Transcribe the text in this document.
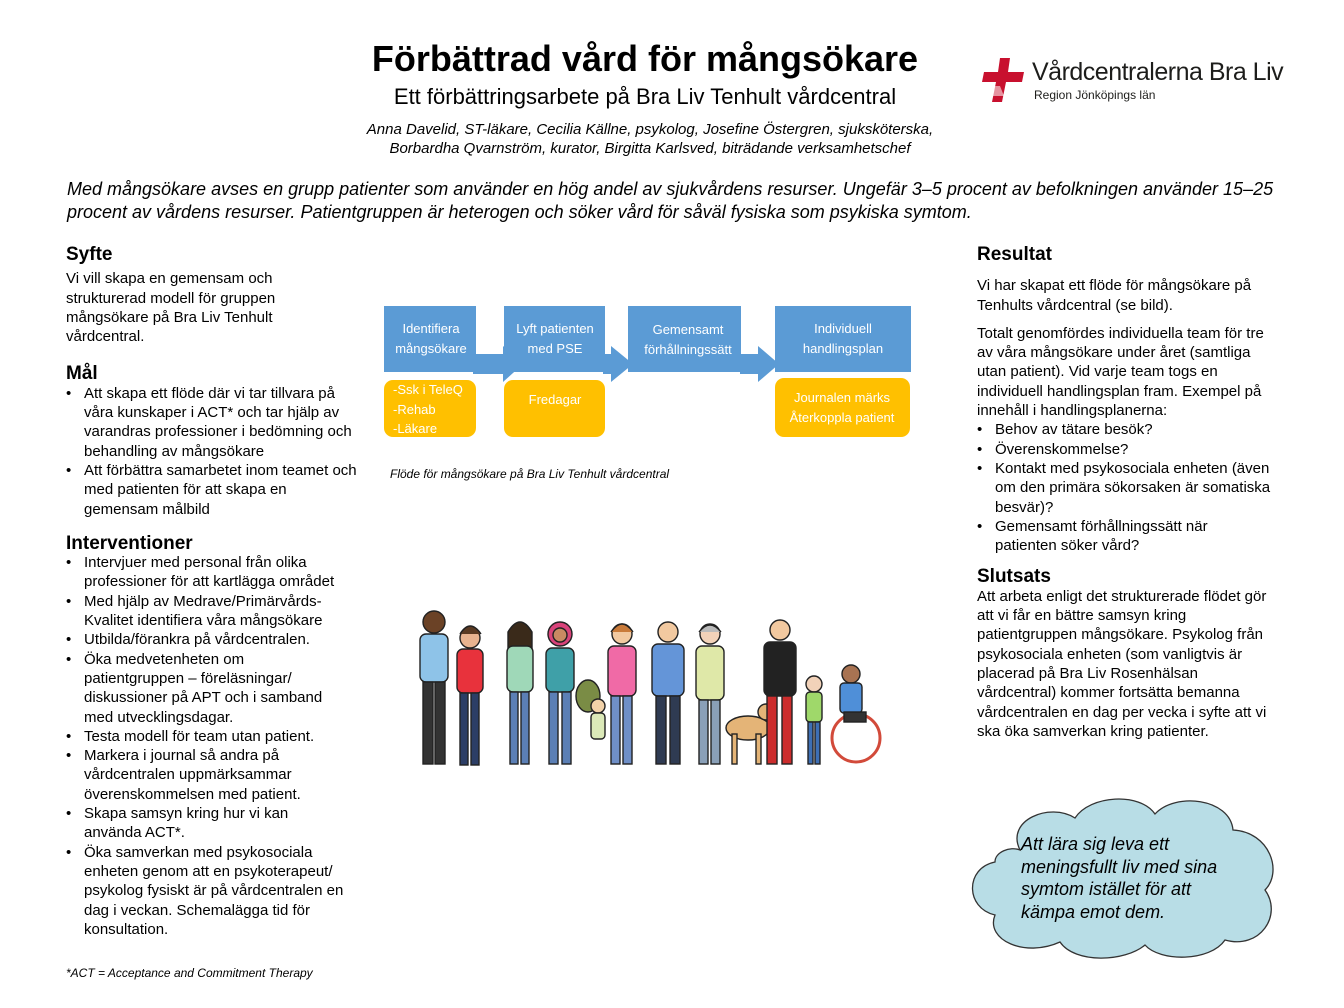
Förbättrad vård för mångsökare
Ett förbättringsarbete på Bra Liv Tenhult vårdcentral
Anna Davelid, ST-läkare, Cecilia Källne, psykolog, Josefine Östergren, sjuksköterska,
Borbardha Qvarnström, kurator, Birgitta Karlsved, biträdande verksamhetschef
Vårdcentralerna Bra Liv
Region Jönköpings län
Med mångsökare avses en grupp patienter som använder en hög andel av sjukvårdens resurser. Ungefär 3–5 procent av befolkningen använder 15–25 procent av vårdens resurser. Patientgruppen är heterogen och söker vård för såväl fysiska som psykiska symtom.
Syfte

Vi vill skapa en gemensam och strukturerad modell för gruppen mångsökare på Bra Liv Tenhult vårdcentral.

Mål
• Att skapa ett flöde där vi tar tillvara på våra kunskaper i ACT* och tar hjälp av varandras professioner i bedömning och behandling av mångsökare
• Att förbättra samarbetet inom teamet och med patienten för att skapa en gemensam målbild
Interventioner
• Intervjuer med personal från olika professioner för att kartlägga området
• Med hjälp av Medrave/Primärvårds-Kvalitet identifiera våra mångsökare
• Utbilda/förankra på vårdcentralen.
• Öka medvetenheten om patientgruppen – föreläsningar/ diskussioner på APT och i samband med utvecklingsdagar.
• Testa modell för team utan patient.
• Markera i journal så andra på vårdcentralen uppmärksammar överenskommelsen med patient.
• Skapa samsyn kring hur vi kan använda ACT*.
• Öka samverkan med psykosociala enheten genom att en psykoterapeut/ psykolog fysiskt är på vårdcentralen en dag i veckan. Schemalägga tid för konsultation.
*ACT = Acceptance and Commitment Therapy
Identifiera
mångsökare
Lyft patienten
med PSE
Gemensamt
förhållningssätt
Individuell
handlingsplan
-Ssk i TeleQ
-Rehab
-Läkare
Fredagar	Journalen märks
Återkoppla patient
Flöde för mångsökare på Bra Liv Tenhult vårdcentral
Resultat

Vi har skapat ett flöde för mångsökare på Tenhults vårdcentral (se bild).

Totalt genomfördes individuella team för tre av våra mångsökare under året (samtliga utan patient). Vid varje team togs en individuell handlingsplan fram. Exempel på innehåll i handlingsplanerna:

• Behov av tätare besök?
• Överenskommelse?
• Kontakt med psykosociala enheten (även om den primära sökorsaken är somatiska besvär)?
• Gemensamt förhållningssätt när patienten söker vård?
Slutsats

Att arbeta enligt det strukturerade flödet gör att vi får en bättre samsyn kring patientgruppen mångsökare. Psykolog från psykosociala enheten (som vanligtvis är placerad på Bra Liv Rosenhälsan vårdcentral) kommer fortsätta bemanna vårdcentralen en dag per vecka i syfte att vi ska öka samverkan kring patienter.

Att lära sig leva ett meningsfullt liv med sina symtom istället för att kämpa emot dem.
